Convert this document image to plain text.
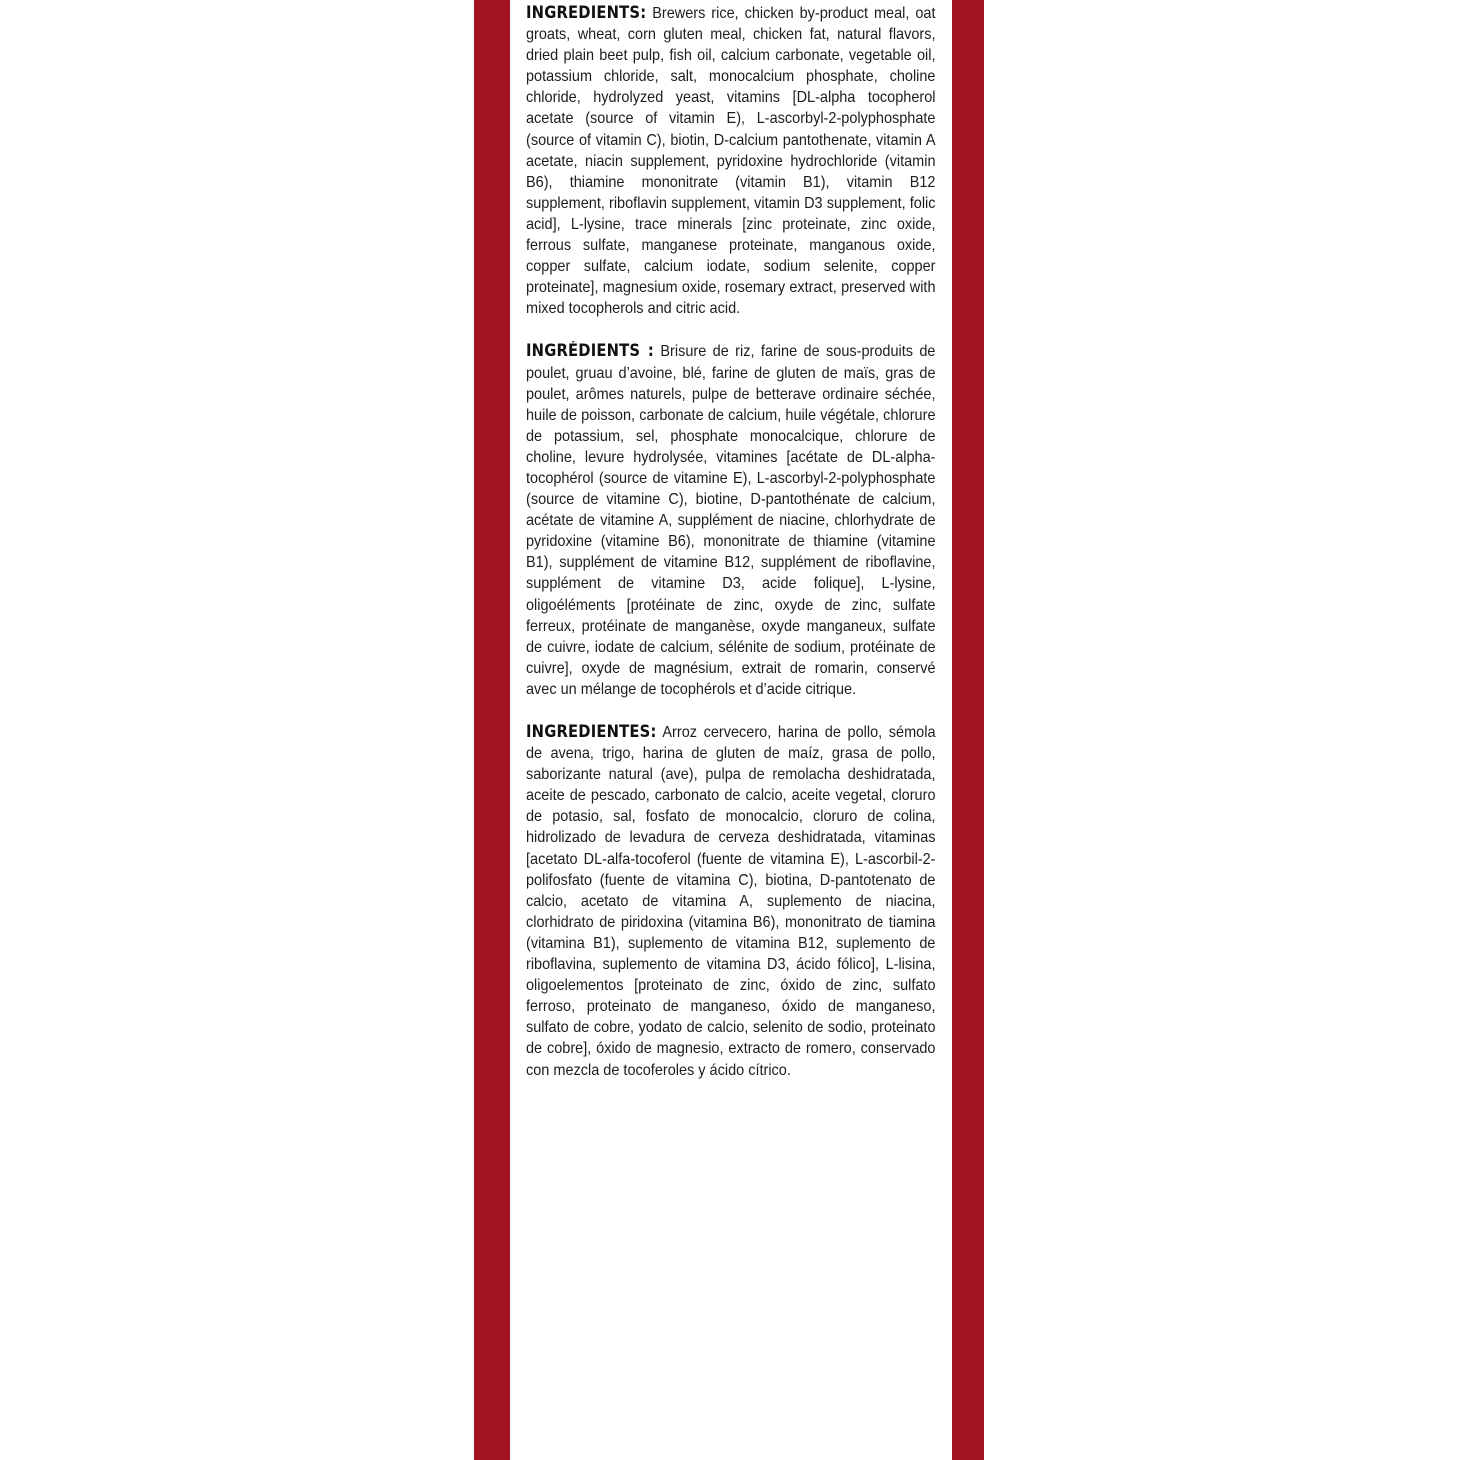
INGREDIENTS: Brewers rice, chicken by-product meal, oat groats, wheat, corn gluten meal, chicken fat, natural flavors, dried plain beet pulp, fish oil, calcium carbonate, vegetable oil, potassium chloride, salt, monocalcium phosphate, choline chloride, hydrolyzed yeast, vitamins [DL-alpha tocopherol acetate (source of vitamin E), L-ascorbyl-2-polyphosphate (source of vitamin C), biotin, D-calcium pantothenate, vitamin A acetate, niacin supplement, pyridoxine hydrochloride (vitamin B6), thiamine mononitrate (vitamin B1), vitamin B12 supplement, riboflavin supplement, vitamin D3 supplement, folic acid], L-lysine, trace minerals [zinc proteinate, zinc oxide, ferrous sulfate, manganese proteinate, manganous oxide, copper sulfate, calcium iodate, sodium selenite, copper proteinate], magnesium oxide, rosemary extract, preserved with mixed tocopherols and citric acid.

INGRÉDIENTS : Brisure de riz, farine de sous-produits de poulet, gruau d’avoine, blé, farine de gluten de maïs, gras de poulet, arômes naturels, pulpe de betterave ordinaire séchée, huile de poisson, carbonate de calcium, huile végétale, chlorure de potassium, sel, phosphate monocalcique, chlorure de choline, levure hydrolysée, vitamines [acétate de DL-alpha-tocophérol (source de vitamine E), L-ascorbyl-2-polyphosphate (source de vitamine C), biotine, D-pantothénate de calcium, acétate de vitamine A, supplément de niacine, chlorhydrate de pyridoxine (vitamine B6), mononitrate de thiamine (vitamine B1), supplément de vitamine B12, supplément de riboflavine, supplément de vitamine D3, acide folique], L-lysine, oligoéléments [protéinate de zinc, oxyde de zinc, sulfate ferreux, protéinate de manganèse, oxyde manganeux, sulfate de cuivre, iodate de calcium, sélénite de sodium, protéinate de cuivre], oxyde de magnésium, extrait de romarin, conservé avec un mélange de tocophérols et d’acide citrique.

INGREDIENTES: Arroz cervecero, harina de pollo, sémola de avena, trigo, harina de gluten de maíz, grasa de pollo, saborizante natural (ave), pulpa de remolacha deshidratada, aceite de pescado, carbonato de calcio, aceite vegetal, cloruro de potasio, sal, fosfato de monocalcio, cloruro de colina, hidrolizado de levadura de cerveza deshidratada, vitaminas [acetato DL-alfa-tocoferol (fuente de vitamina E), L-ascorbil-2-polifosfato (fuente de vitamina C), biotina, D-pantotenato de calcio, acetato de vitamina A, suplemento de niacina, clorhidrato de piridoxina (vitamina B6), mononitrato de tiamina (vitamina B1), suplemento de vitamina B12, suplemento de riboflavina, suplemento de vitamina D3, ácido fólico], L-lisina, oligoelementos [proteinato de zinc, óxido de zinc, sulfato ferroso, proteinato de manganeso, óxido de manganeso, sulfato de cobre, yodato de calcio, selenito de sodio, proteinato de cobre], óxido de magnesio, extracto de romero, conservado con mezcla de tocoferoles y ácido cítrico.
